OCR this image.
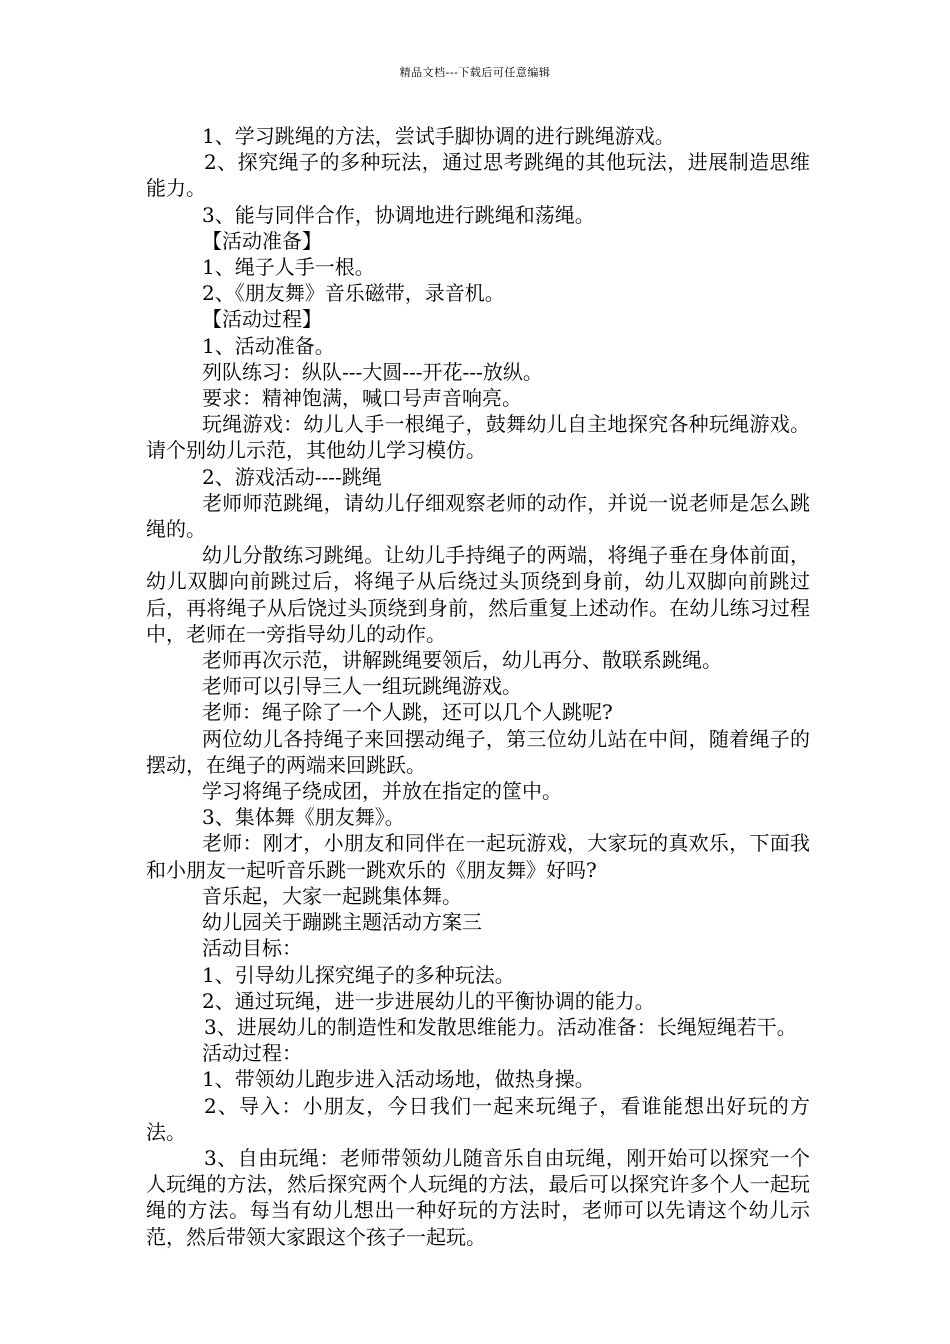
精品文档---下载后可任意编辑

1、学习跳绳的方法，尝试手脚协调的进行跳绳游戏。

2、探究绳子的多种玩法，通过思考跳绳的其他玩法，进展制造思维能力。

3、能与同伴合作，协调地进行跳绳和荡绳。

【活动准备】

1、绳子人手一根。

2、《朋友舞》音乐磁带，录音机。

【活动过程】

1、活动准备。

列队练习：纵队---大圆---开花---放纵。

要求：精神饱满，喊口号声音响亮。

玩绳游戏：幼儿人手一根绳子，鼓舞幼儿自主地探究各种玩绳游戏。请个别幼儿示范，其他幼儿学习模仿。

2、游戏活动----跳绳

老师师范跳绳，请幼儿仔细观察老师的动作，并说一说老师是怎么跳绳的。

幼儿分散练习跳绳。让幼儿手持绳子的两端，将绳子垂在身体前面，幼儿双脚向前跳过后，将绳子从后绕过头顶绕到身前，幼儿双脚向前跳过后，再将绳子从后饶过头顶绕到身前，然后重复上述动作。在幼儿练习过程中，老师在一旁指导幼儿的动作。

老师再次示范，讲解跳绳要领后，幼儿再分、散联系跳绳。

老师可以引导三人一组玩跳绳游戏。

老师：绳子除了一个人跳，还可以几个人跳呢?

两位幼儿各持绳子来回摆动绳子，第三位幼儿站在中间，随着绳子的摆动，在绳子的两端来回跳跃。

学习将绳子绕成团，并放在指定的筐中。

3、集体舞《朋友舞》。

老师：刚才，小朋友和同伴在一起玩游戏，大家玩的真欢乐，下面我和小朋友一起听音乐跳一跳欢乐的《朋友舞》好吗?

音乐起，大家一起跳集体舞。

幼儿园关于蹦跳主题活动方案三

活动目标：

1、引导幼儿探究绳子的多种玩法。

2、通过玩绳，进一步进展幼儿的平衡协调的能力。

3、进展幼儿的制造性和发散思维能力。活动准备：长绳短绳若干。

活动过程：

1、带领幼儿跑步进入活动场地，做热身操。

2、导入：小朋友，今日我们一起来玩绳子，看谁能想出好玩的方法。

3、自由玩绳：老师带领幼儿随音乐自由玩绳，刚开始可以探究一个人玩绳的方法，然后探究两个人玩绳的方法，最后可以探究许多个人一起玩绳的方法。每当有幼儿想出一种好玩的方法时，老师可以先请这个幼儿示范，然后带领大家跟这个孩子一起玩。
